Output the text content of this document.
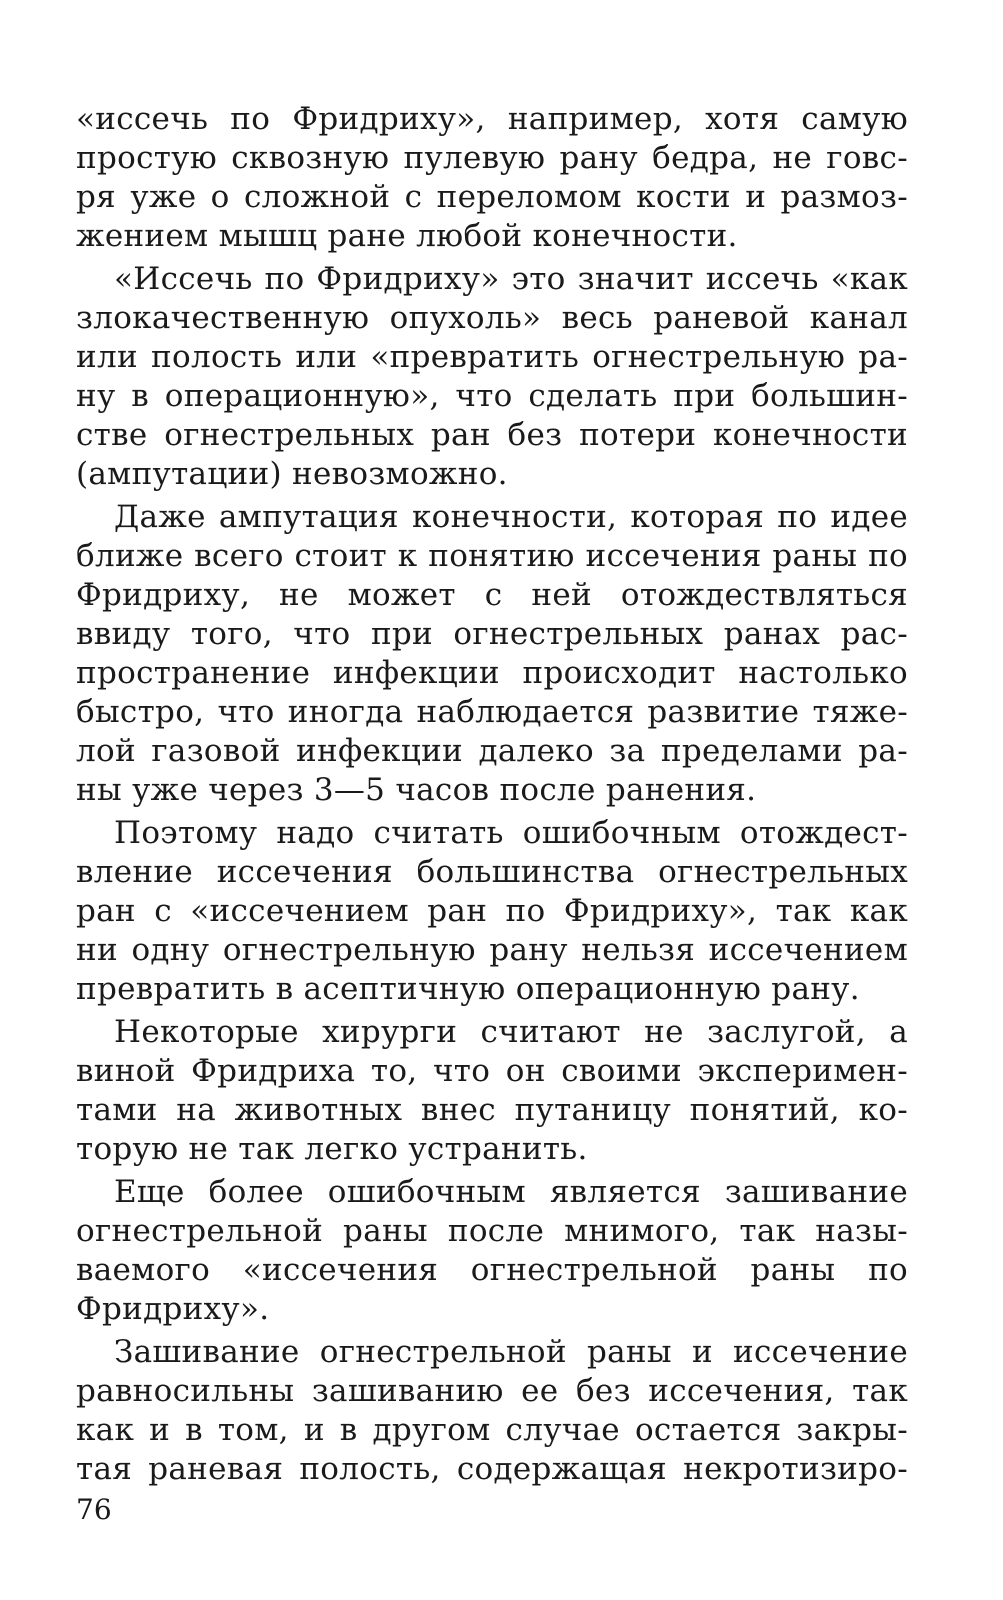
«иссечь по Фридриху», например, хотя самую
простую сквозную пулевую рану бедра, не говс-
ря уже о сложной с переломом кости и размоз-
жением мышц ране любой конечности.
«Иссечь по Фридриху» это значит иссечь «как
злокачественную опухоль» весь раневой канал
или полость или «превратить огнестрельную ра-
ну в операционную», что сделать при большин-
стве огнестрельных ран без потери конечности
(ампутации) невозможно.
Даже ампутация конечности, которая по идее
ближе всего стоит к понятию иссечения раны по
Фридриху, не может с ней отождествляться
ввиду того, что при огнестрельных ранах рас-
пространение инфекции происходит настолько
быстро, что иногда наблюдается развитие тяже-
лой газовой инфекции далеко за пределами ра-
ны уже через 3—5 часов после ранения.
Поэтому надо считать ошибочным отождест-
вление иссечения большинства огнестрельных
ран с «иссечением ран по Фридриху», так как
ни одну огнестрельную рану нельзя иссечением
превратить в асептичную операционную рану.
Некоторые хирурги считают не заслугой, а
виной Фридриха то, что он своими эксперимен-
тами на животных внес путаницу понятий, ко-
торую не так легко устранить.
Еще более ошибочным является зашивание
огнестрельной раны после мнимого, так назы-
ваемого «иссечения огнестрельной раны по
Фридриху».
Зашивание огнестрельной раны и иссечение
равносильны зашиванию ее без иссечения, так
как и в том, и в другом случае остается закры-
тая раневая полость, содержащая некротизиро-
76
